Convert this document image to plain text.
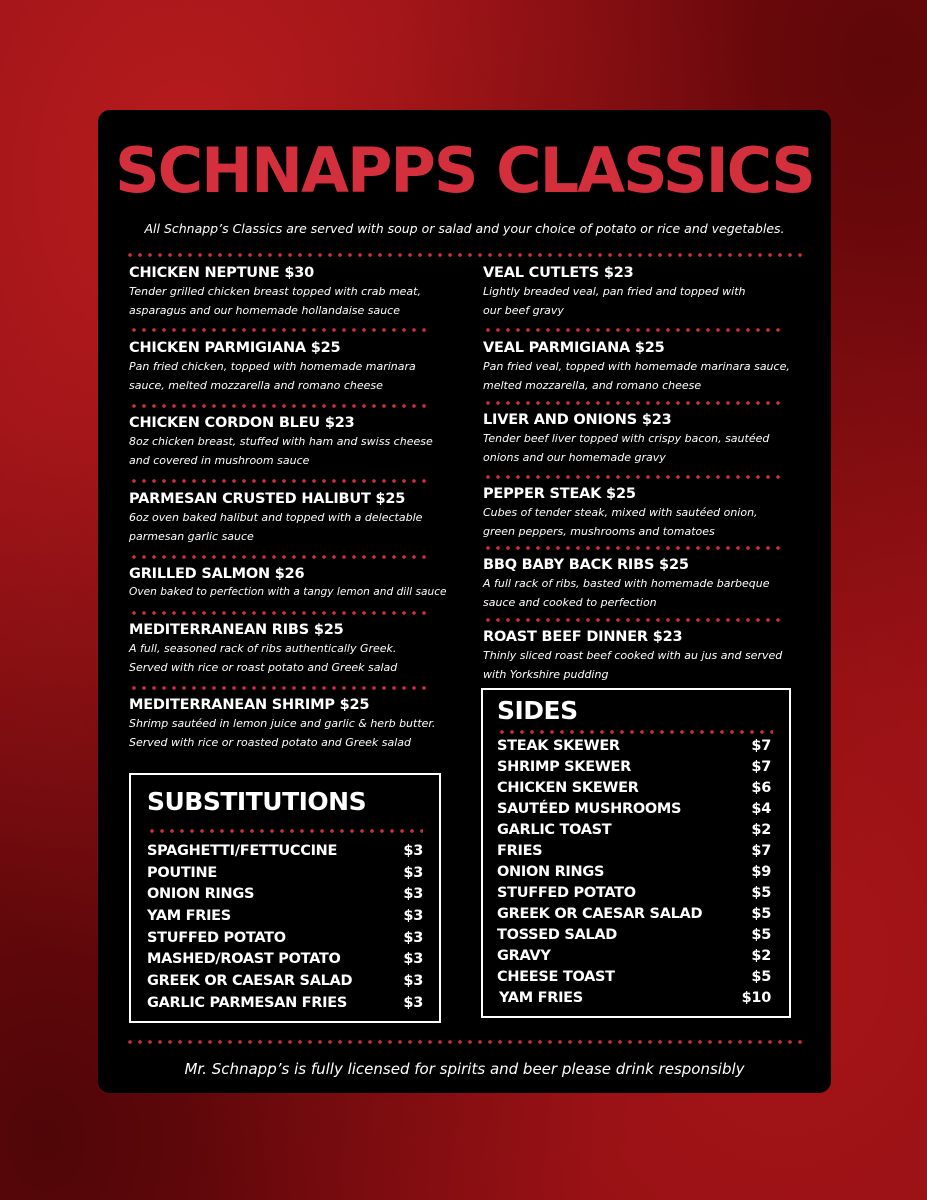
SCHNAPPS CLASSICS
All Schnapp’s Classics are served with soup or salad and your choice of potato or rice and vegetables.
CHICKEN NEPTUNE $30
Tender grilled chicken breast topped with crab meat,
asparagus and our homemade hollandaise sauce
CHICKEN PARMIGIANA $25
Pan fried chicken, topped with homemade marinara
sauce, melted mozzarella and romano cheese
CHICKEN CORDON BLEU $23
8oz chicken breast, stuffed with ham and swiss cheese
and covered in mushroom sauce
PARMESAN CRUSTED HALIBUT $25
6oz oven baked halibut and topped with a delectable
parmesan garlic sauce
GRILLED SALMON $26
Oven baked to perfection with a tangy lemon and dill sauce
MEDITERRANEAN RIBS $25
A full, seasoned rack of ribs authentically Greek.
Served with rice or roast potato and Greek salad
MEDITERRANEAN SHRIMP $25
Shrimp sautéed in lemon juice and garlic & herb butter.
Served with rice or roasted potato and Greek salad
VEAL CUTLETS $23
Lightly breaded veal, pan fried and topped with
our beef gravy
VEAL PARMIGIANA $25
Pan fried veal, topped with homemade marinara sauce,
melted mozzarella, and romano cheese
LIVER AND ONIONS $23
Tender beef liver topped with crispy bacon, sautéed
onions and our homemade gravy
PEPPER STEAK $25
Cubes of tender steak, mixed with sautéed onion,
green peppers, mushrooms and tomatoes
BBQ BABY BACK RIBS $25
A full rack of ribs, basted with homemade barbeque
sauce and cooked to perfection
ROAST BEEF DINNER $23
Thinly sliced roast beef cooked with au jus and served
with Yorkshire pudding
SUBSTITUTIONS
SPAGHETTI/FETTUCCINE	$3
POUTINE	$3
ONION RINGS	$3
YAM FRIES	$3
STUFFED POTATO	$3
MASHED/ROAST POTATO	$3
GREEK OR CAESAR SALAD	$3
GARLIC PARMESAN FRIES	$3
SIDES
STEAK SKEWER	$7
SHRIMP SKEWER	$7
CHICKEN SKEWER	$6
SAUTÉED MUSHROOMS	$4
GARLIC TOAST	$2
FRIES	$7
ONION RINGS	$9
STUFFED POTATO	$5
GREEK OR CAESAR SALAD	$5
TOSSED SALAD	$5
GRAVY	$2
CHEESE TOAST	$5
YAM FRIES	$10
Mr. Schnapp’s is fully licensed for spirits and beer please drink responsibly
